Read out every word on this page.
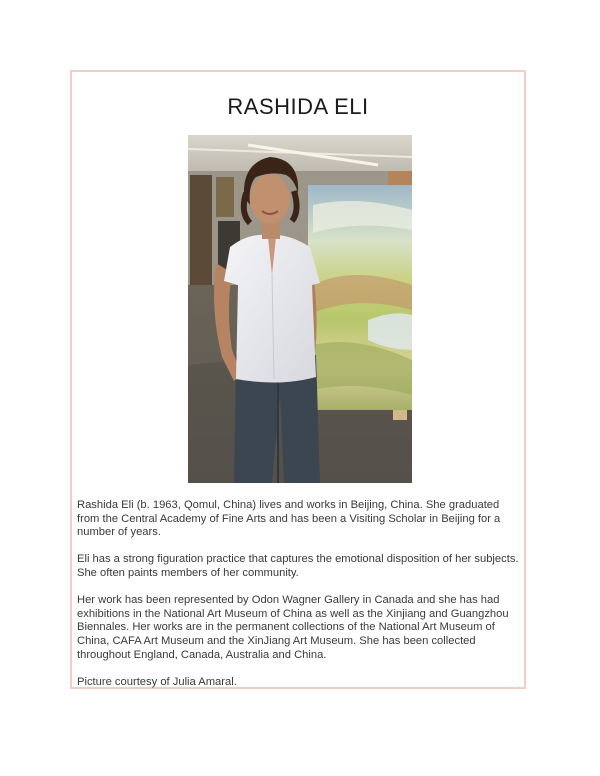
RASHIDA ELI

Rashida Eli (b. 1963, Qomul, China) lives and works in Beijing, China. She graduated from the Central Academy of Fine Arts and has been a Visiting Scholar in Beijing for a number of years.

Eli has a strong figuration practice that captures the emotional disposition of her subjects. She often paints members of her community.

Her work has been represented by Odon Wagner Gallery in Canada and she has had exhibitions in the National Art Museum of China as well as the Xinjiang and Guangzhou Biennales. Her works are in the permanent collections of the National Art Museum of China, CAFA Art Museum and the XinJiang Art Museum. She has been collected throughout England, Canada, Australia and China.

Picture courtesy of Julia Amaral.
